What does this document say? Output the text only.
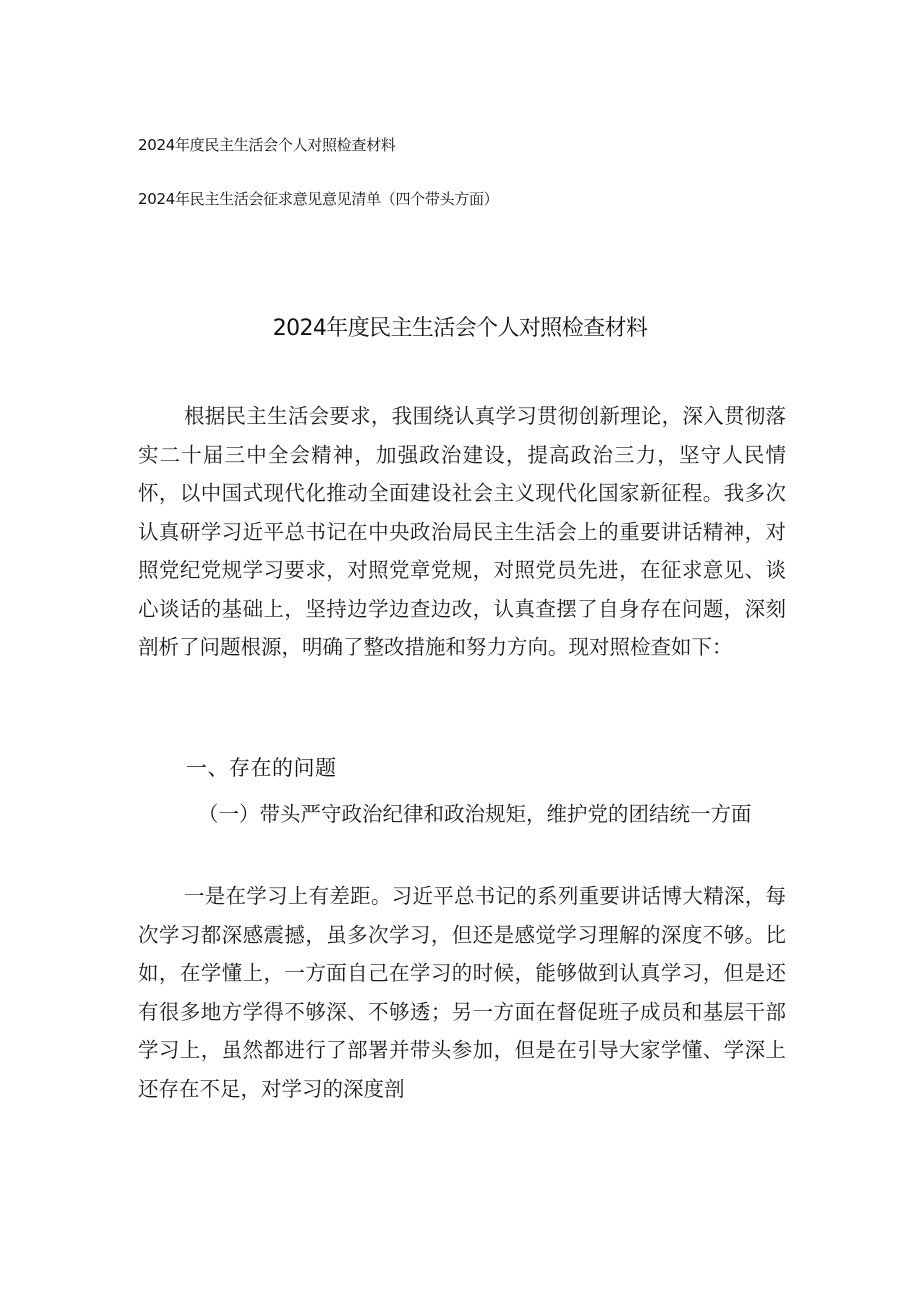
2024年度民主生活会个人对照检查材料
2024年民主生活会征求意见意见清单（四个带头方面）
2024年度民主生活会个人对照检查材料

根据民主生活会要求，我围绕认真学习贯彻创新理论，深入贯彻落实二十届三中全会精神，加强政治建设，提高政治三力，坚守人民情怀，以中国式现代化推动全面建设社会主义现代化国家新征程。我多次认真研学习近平总书记在中央政治局民主生活会上的重要讲话精神，对照党纪党规学习要求，对照党章党规，对照党员先进，在征求意见、谈心谈话的基础上，坚持边学边查边改，认真查摆了自身存在问题，深刻剖析了问题根源，明确了整改措施和努力方向。现对照检查如下：

一、存在的问题

（一）带头严守政治纪律和政治规矩，维护党的团结统一方面

一是在学习上有差距。习近平总书记的系列重要讲话博大精深，每次学习都深感震撼，虽多次学习，但还是感觉学习理解的深度不够。比如，在学懂上，一方面自己在学习的时候，能够做到认真学习，但是还有很多地方学得不够深、不够透；另一方面在督促班子成员和基层干部学习上，虽然都进行了部署并带头参加，但是在引导大家学懂、学深上还存在不足，对学习的深度剖
